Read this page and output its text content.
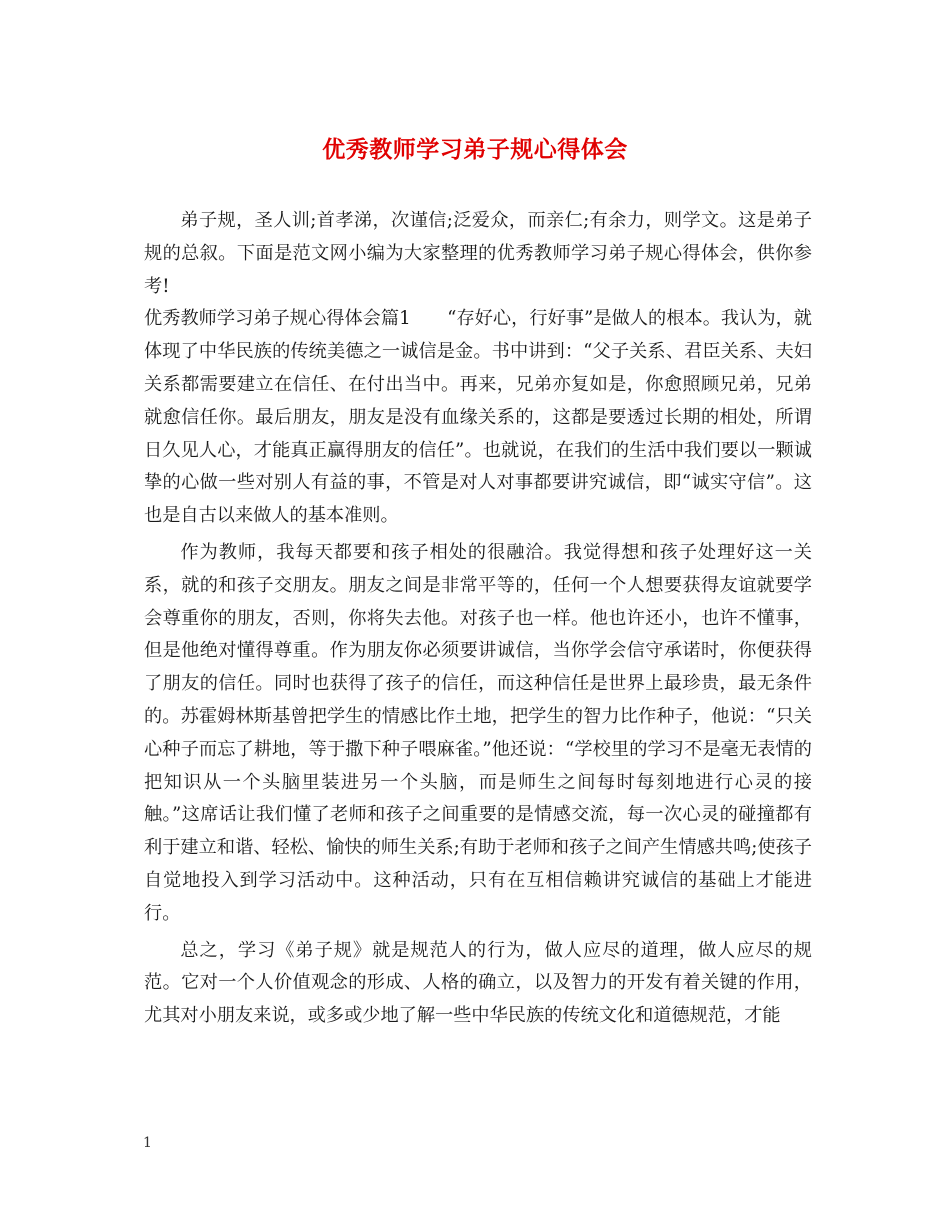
优秀教师学习弟子规心得体会

弟子规，圣人训;首孝涕，次谨信;泛爱众，而亲仁;有余力，则学文。这是弟子规的总叙。下面是范文网小编为大家整理的优秀教师学习弟子规心得体会，供你参考!

优秀教师学习弟子规心得体会篇1　　“存好心，行好事”是做人的根本。我认为，就体现了中华民族的传统美德之一诚信是金。书中讲到：“父子关系、君臣关系、夫妇关系都需要建立在信任、在付出当中。再来，兄弟亦复如是，你愈照顾兄弟，兄弟就愈信任你。最后朋友，朋友是没有血缘关系的，这都是要透过长期的相处，所谓日久见人心，才能真正赢得朋友的信任”。也就说，在我们的生活中我们要以一颗诚挚的心做一些对别人有益的事，不管是对人对事都要讲究诚信，即“诚实守信”。这也是自古以来做人的基本准则。

作为教师，我每天都要和孩子相处的很融洽。我觉得想和孩子处理好这一关系，就的和孩子交朋友。朋友之间是非常平等的，任何一个人想要获得友谊就要学会尊重你的朋友，否则，你将失去他。对孩子也一样。他也许还小，也许不懂事，但是他绝对懂得尊重。作为朋友你必须要讲诚信，当你学会信守承诺时，你便获得了朋友的信任。同时也获得了孩子的信任，而这种信任是世界上最珍贵，最无条件的。苏霍姆林斯基曾把学生的情感比作土地，把学生的智力比作种子，他说：“只关心种子而忘了耕地，等于撒下种子喂麻雀。”他还说：“学校里的学习不是毫无表情的把知识从一个头脑里装进另一个头脑，而是师生之间每时每刻地进行心灵的接触。”这席话让我们懂了老师和孩子之间重要的是情感交流，每一次心灵的碰撞都有利于建立和谐、轻松、愉快的师生关系;有助于老师和孩子之间产生情感共鸣;使孩子自觉地投入到学习活动中。这种活动，只有在互相信赖讲究诚信的基础上才能进行。

总之，学习《弟子规》就是规范人的行为，做人应尽的道理，做人应尽的规范。它对一个人价值观念的形成、人格的确立，以及智力的开发有着关键的作用，尤其对小朋友来说，或多或少地了解一些中华民族的传统文化和道德规范，才能

1
